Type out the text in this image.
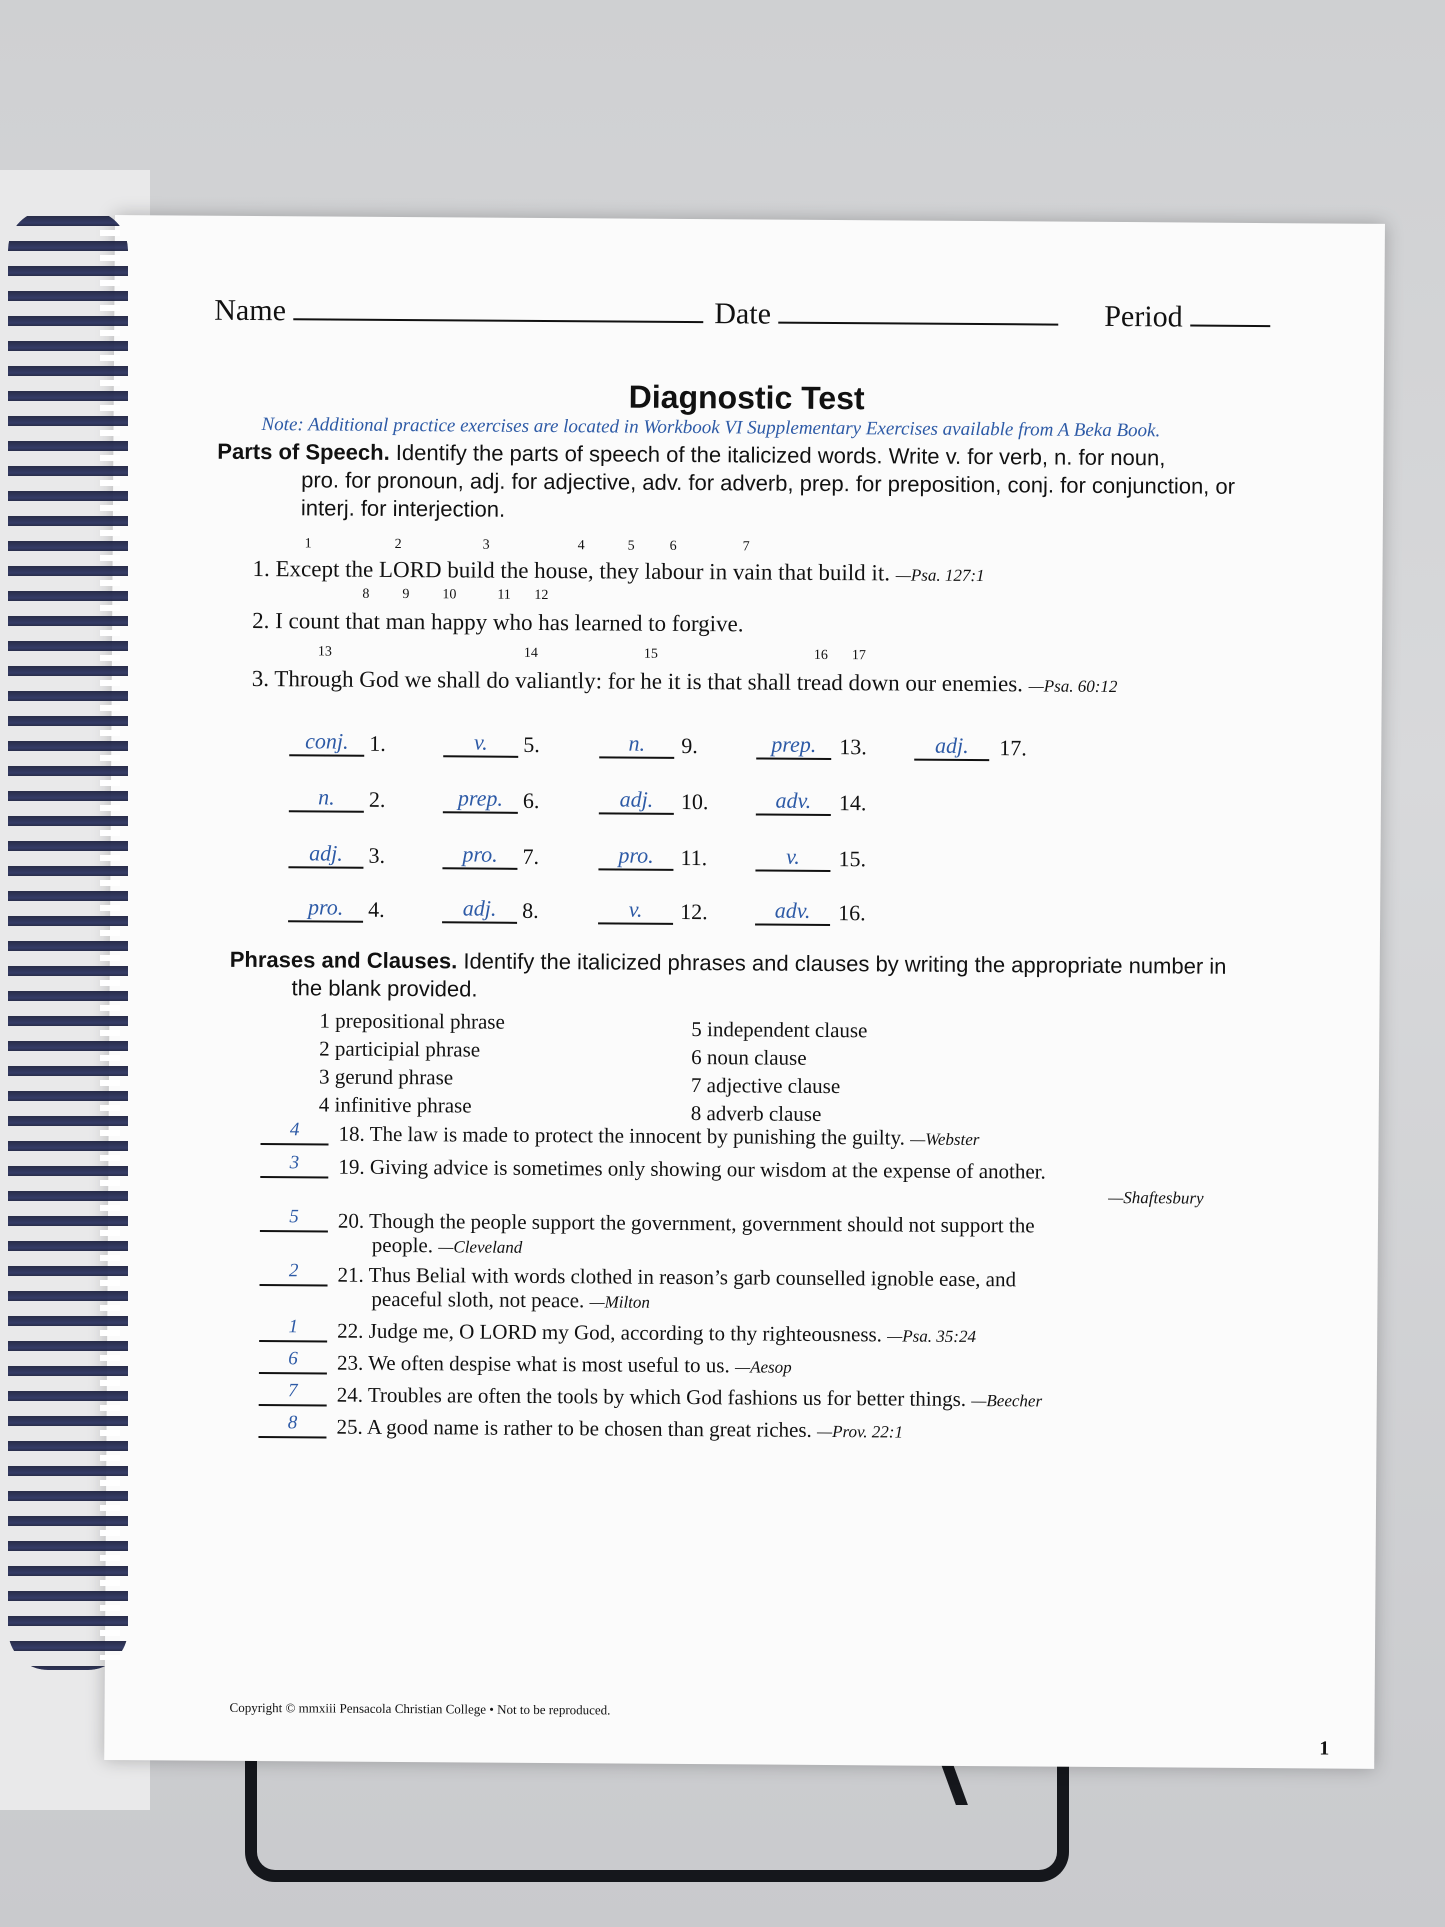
Name	Date	Period
Diagnostic Test
Note: Additional practice exercises are located in Workbook VI Supplementary Exercises available from A Beka Book.
Parts of Speech. Identify the parts of speech of the italicized words. Write v. for verb, n. for noun,
pro. for pronoun, adj. for adjective, adv. for adverb, prep. for preposition, conj. for conjunction, or
interj. for interjection.
1	2	3	4	5 6	7
1. Except the LORD build the house, they labour in vain that build it. —Psa. 127:1
8 9 10	11 12
2. I count that man happy who has learned to forgive.
13	14	15	16 17
3. Through God we shall do valiantly: for he it is that shall tread down our enemies. —Psa. 60:12
conj. 1.
n.	2.
adj.	3.
pro.	4.
v.	5.
prep. 6.
pro.	7.
adj.	8.
n.	9.
adj.	10.
pro.	11.
v.	12.
prep.	13.
adv.	14.
v.	15.
adv.	16.
adj.	17.
Phrases and Clauses. Identify the italicized phrases and clauses by writing the appropriate number in
the blank provided.
1 prepositional phrase
2 participial phrase
3 gerund phrase
4 infinitive phrase
5 independent clause
6 noun clause
7 adjective clause
8 adverb clause
4	18. The law is made to protect the innocent by punishing the guilty. —Webster
3	19. Giving advice is sometimes only showing our wisdom at the expense of another.
—Shaftesbury
5	20. Though the people support the government, government should not support the
people. —Cleveland
2	21. Thus Belial with words clothed in reason’s garb counselled ignoble ease, and
peaceful sloth, not peace. —Milton
1	22. Judge me, O LORD my God, according to thy righteousness. —Psa. 35:24
6	23. We often despise what is most useful to us. —Aesop
7	24. Troubles are often the tools by which God fashions us for better things. —Beecher
8	25. A good name is rather to be chosen than great riches. —Prov. 22:1
Copyright © mmxiii Pensacola Christian College • Not to be reproduced.
1
